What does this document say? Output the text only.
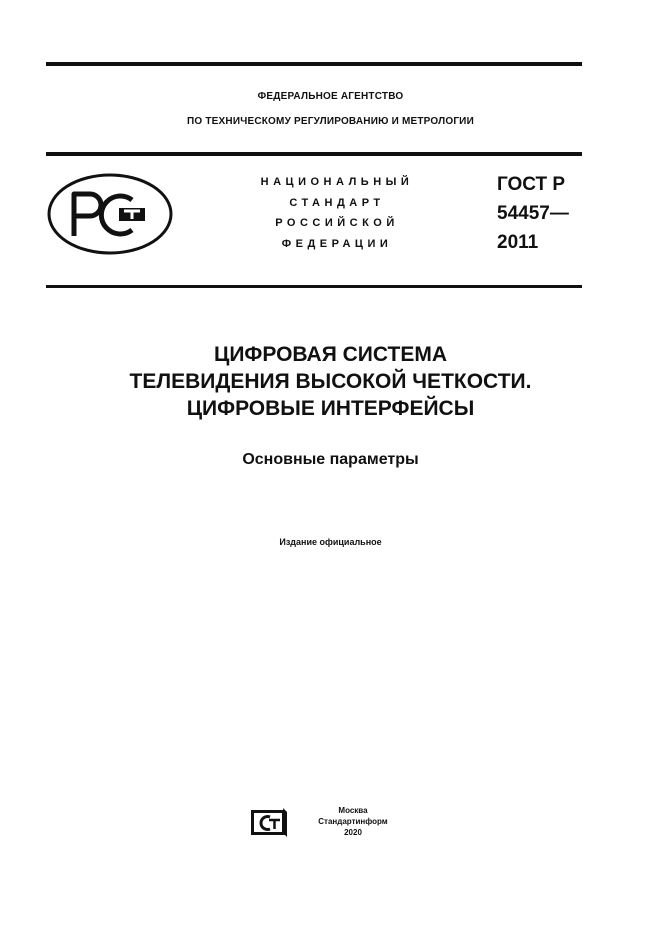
ФЕДЕРАЛЬНОЕ АГЕНТСТВО
ПО ТЕХНИЧЕСКОМУ РЕГУЛИРОВАНИЮ И МЕТРОЛОГИИ
НАЦИОНАЛЬНЫЙ
СТАНДАРТ
РОССИЙСКОЙ
ФЕДЕРАЦИИ
ГОСТ Р
54457—
2011
ЦИФРОВАЯ СИСТЕМА
ТЕЛЕВИДЕНИЯ ВЫСОКОЙ ЧЕТКОСТИ.
ЦИФРОВЫЕ ИНТЕРФЕЙСЫ
Основные параметры
Издание официальное
Москва
Стандартинформ
2020
